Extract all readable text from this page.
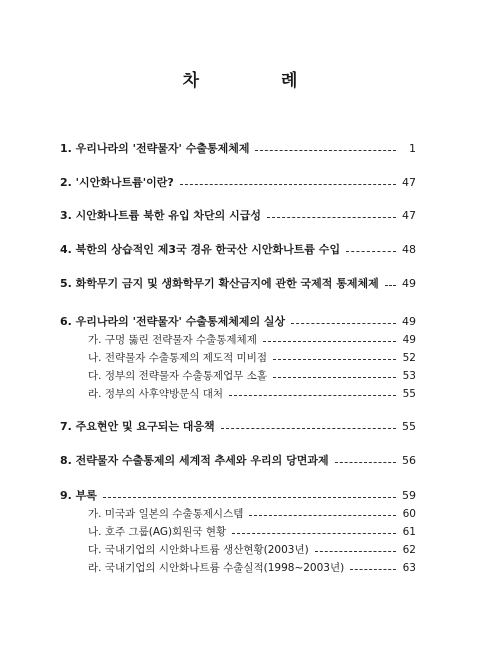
차 례
1. 우리나라의 '전략물자' 수출통제체제	1
2. '시안화나트륨'이란?	47
3. 시안화나트륨 북한 유입 차단의 시급성	47
4. 북한의 상습적인 제3국 경유 한국산 시안화나트륨 수입	48
5. 화학무기 금지 및 생화학무기 확산금지에 관한 국제적 통제체제 49
6. 우리나라의 '전략물자' 수출통제체제의 실상	49
가. 구멍 뚫린 전략물자 수출통제체제	49
나. 전략물자 수출통제의 제도적 미비점	52
다. 정부의 전략물자 수출통제업무 소홀	53
라. 정부의 사후약방문식 대처	55
7. 주요현안 및 요구되는 대응책	55
8. 전략물자 수출통제의 세계적 추세와 우리의 당면과제	56
9. 부록	59
가. 미국과 일본의 수출통제시스템	60
나. 호주 그룹(AG)회원국 현황	61
다. 국내기업의 시안화나트륨 생산현황(2003년)	62
라. 국내기업의 시안화나트륨 수출실적(1998~2003년)	63
